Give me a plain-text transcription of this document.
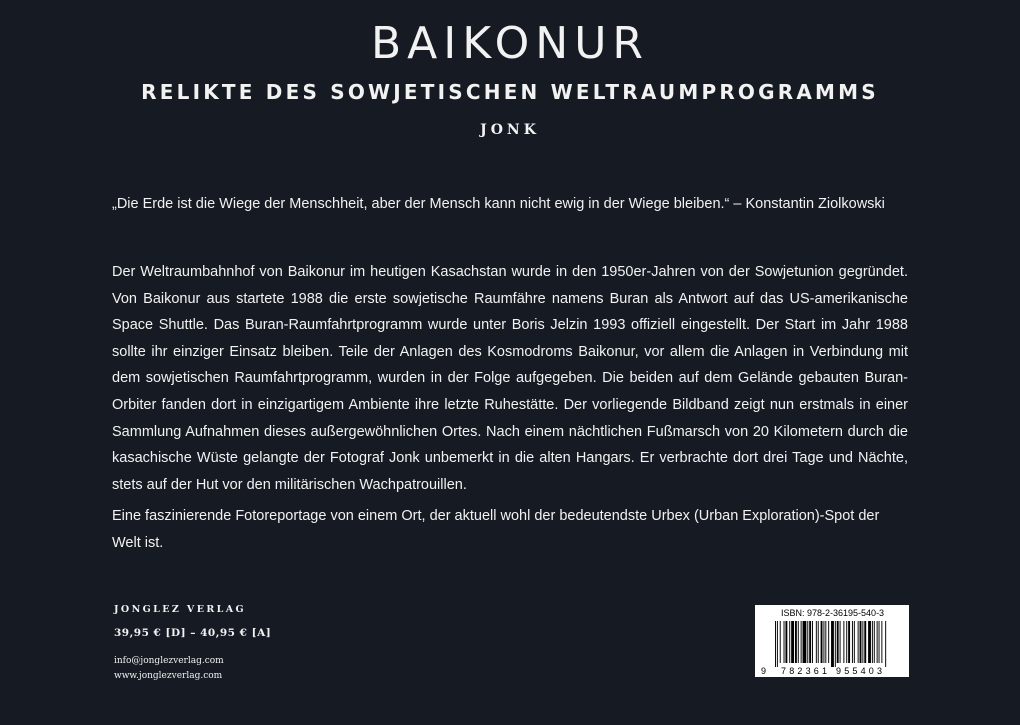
BAIKONUR
RELIKTE DES SOWJETISCHEN WELTRAUMPROGRAMMS
JONK
„Die Erde ist die Wiege der Menschheit, aber der Mensch kann nicht ewig in der Wiege bleiben.“ – Konstantin Ziolkowski

Der Weltraumbahnhof von Baikonur im heutigen Kasachstan wurde in den 1950er-Jahren von der Sowjetunion gegründet. Von Baikonur aus startete 1988 die erste sowjetische Raumfähre namens Buran als Antwort auf das US-amerikanische Space Shuttle. Das Buran-Raumfahrtprogramm wurde unter Boris Jelzin 1993 offiziell eingestellt. Der Start im Jahr 1988 sollte ihr einziger Einsatz bleiben. Teile der Anlagen des Kosmodroms Baikonur, vor allem die Anlagen in Verbindung mit dem sowjetischen Raumfahrtprogramm, wurden in der Folge aufgegeben. Die beiden auf dem Gelände gebauten Buran-Orbiter fanden dort in einzigartigem Ambiente ihre letzte Ruhestätte. Der vorliegende Bildband zeigt nun erstmals in einer Sammlung Aufnahmen dieses außergewöhnlichen Ortes. Nach einem nächtlichen Fußmarsch von 20 Kilometern durch die kasachische Wüste gelangte der Fotograf Jonk unbemerkt in die alten Hangars. Er verbrachte dort drei Tage und Nächte, stets auf der Hut vor den militärischen Wachpatrouillen.

Eine faszinierende Fotoreportage von einem Ort, der aktuell wohl der bedeutendste Urbex (Urban Exploration)-Spot der Welt ist.

JONGLEZ VERLAG
39,95 € [D] – 40,95 € [A]
info@jonglezverlag.com
www.jonglezverlag.com	9 782361 955403
ISBN: 978-2-36195-540-3
